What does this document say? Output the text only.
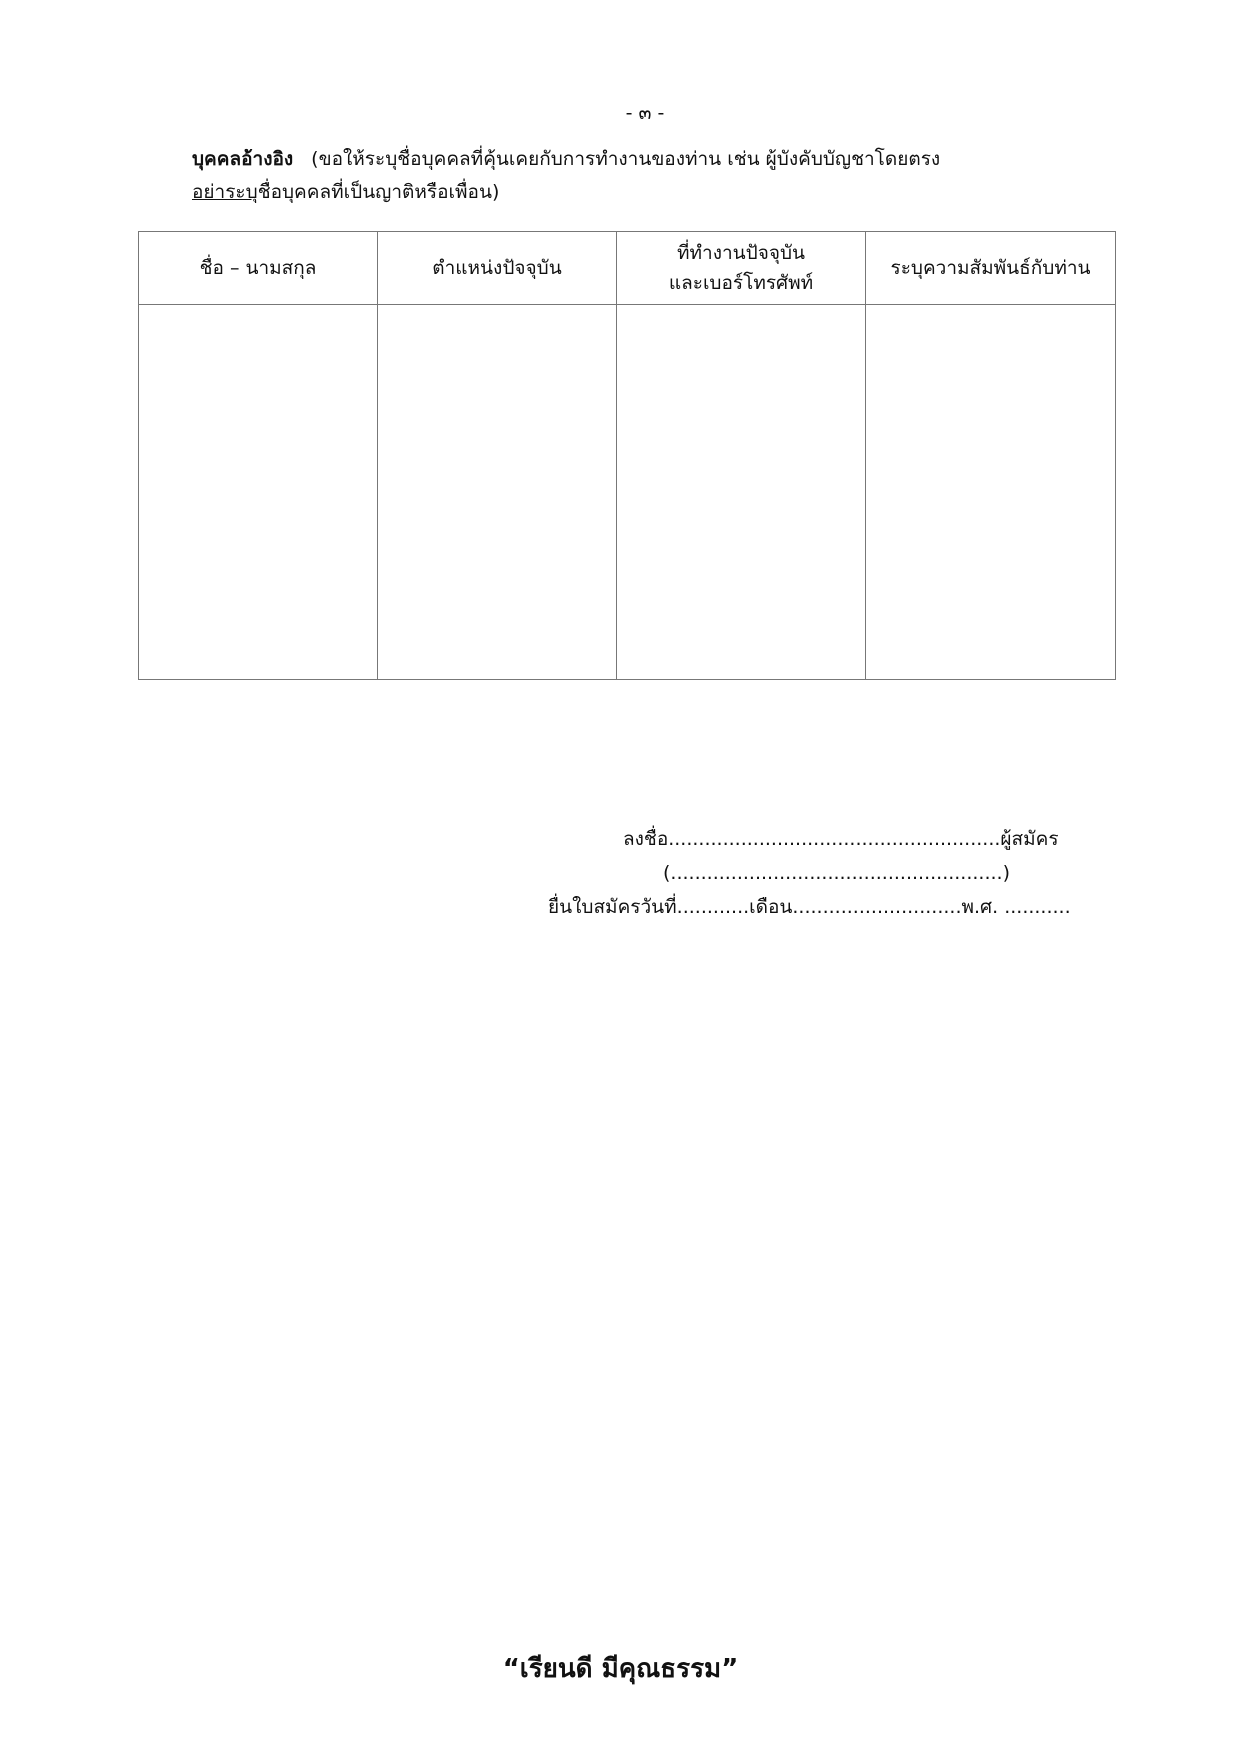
- ๓ -
บุคคลอ้างอิง (ขอให้ระบุชื่อบุคคลที่คุ้นเคยกับการทำงานของท่าน เช่น ผู้บังคับบัญชาโดยตรง
อย่าระบุชื่อบุคคลที่เป็นญาติหรือเพื่อน)
ชื่อ – นามสกุล	ตำแหน่งปัจจุบัน	ที่ทำงานปัจจุบัน
และเบอร์โทรศัพท์	ระบุความสัมพันธ์กับท่าน

ลงชื่อ.......................................................ผู้สมัคร
(.......................................................)
ยื่นใบสมัครวันที่............เดือน............................พ.ศ. ...........
“เรียนดี มีคุณธรรม”
